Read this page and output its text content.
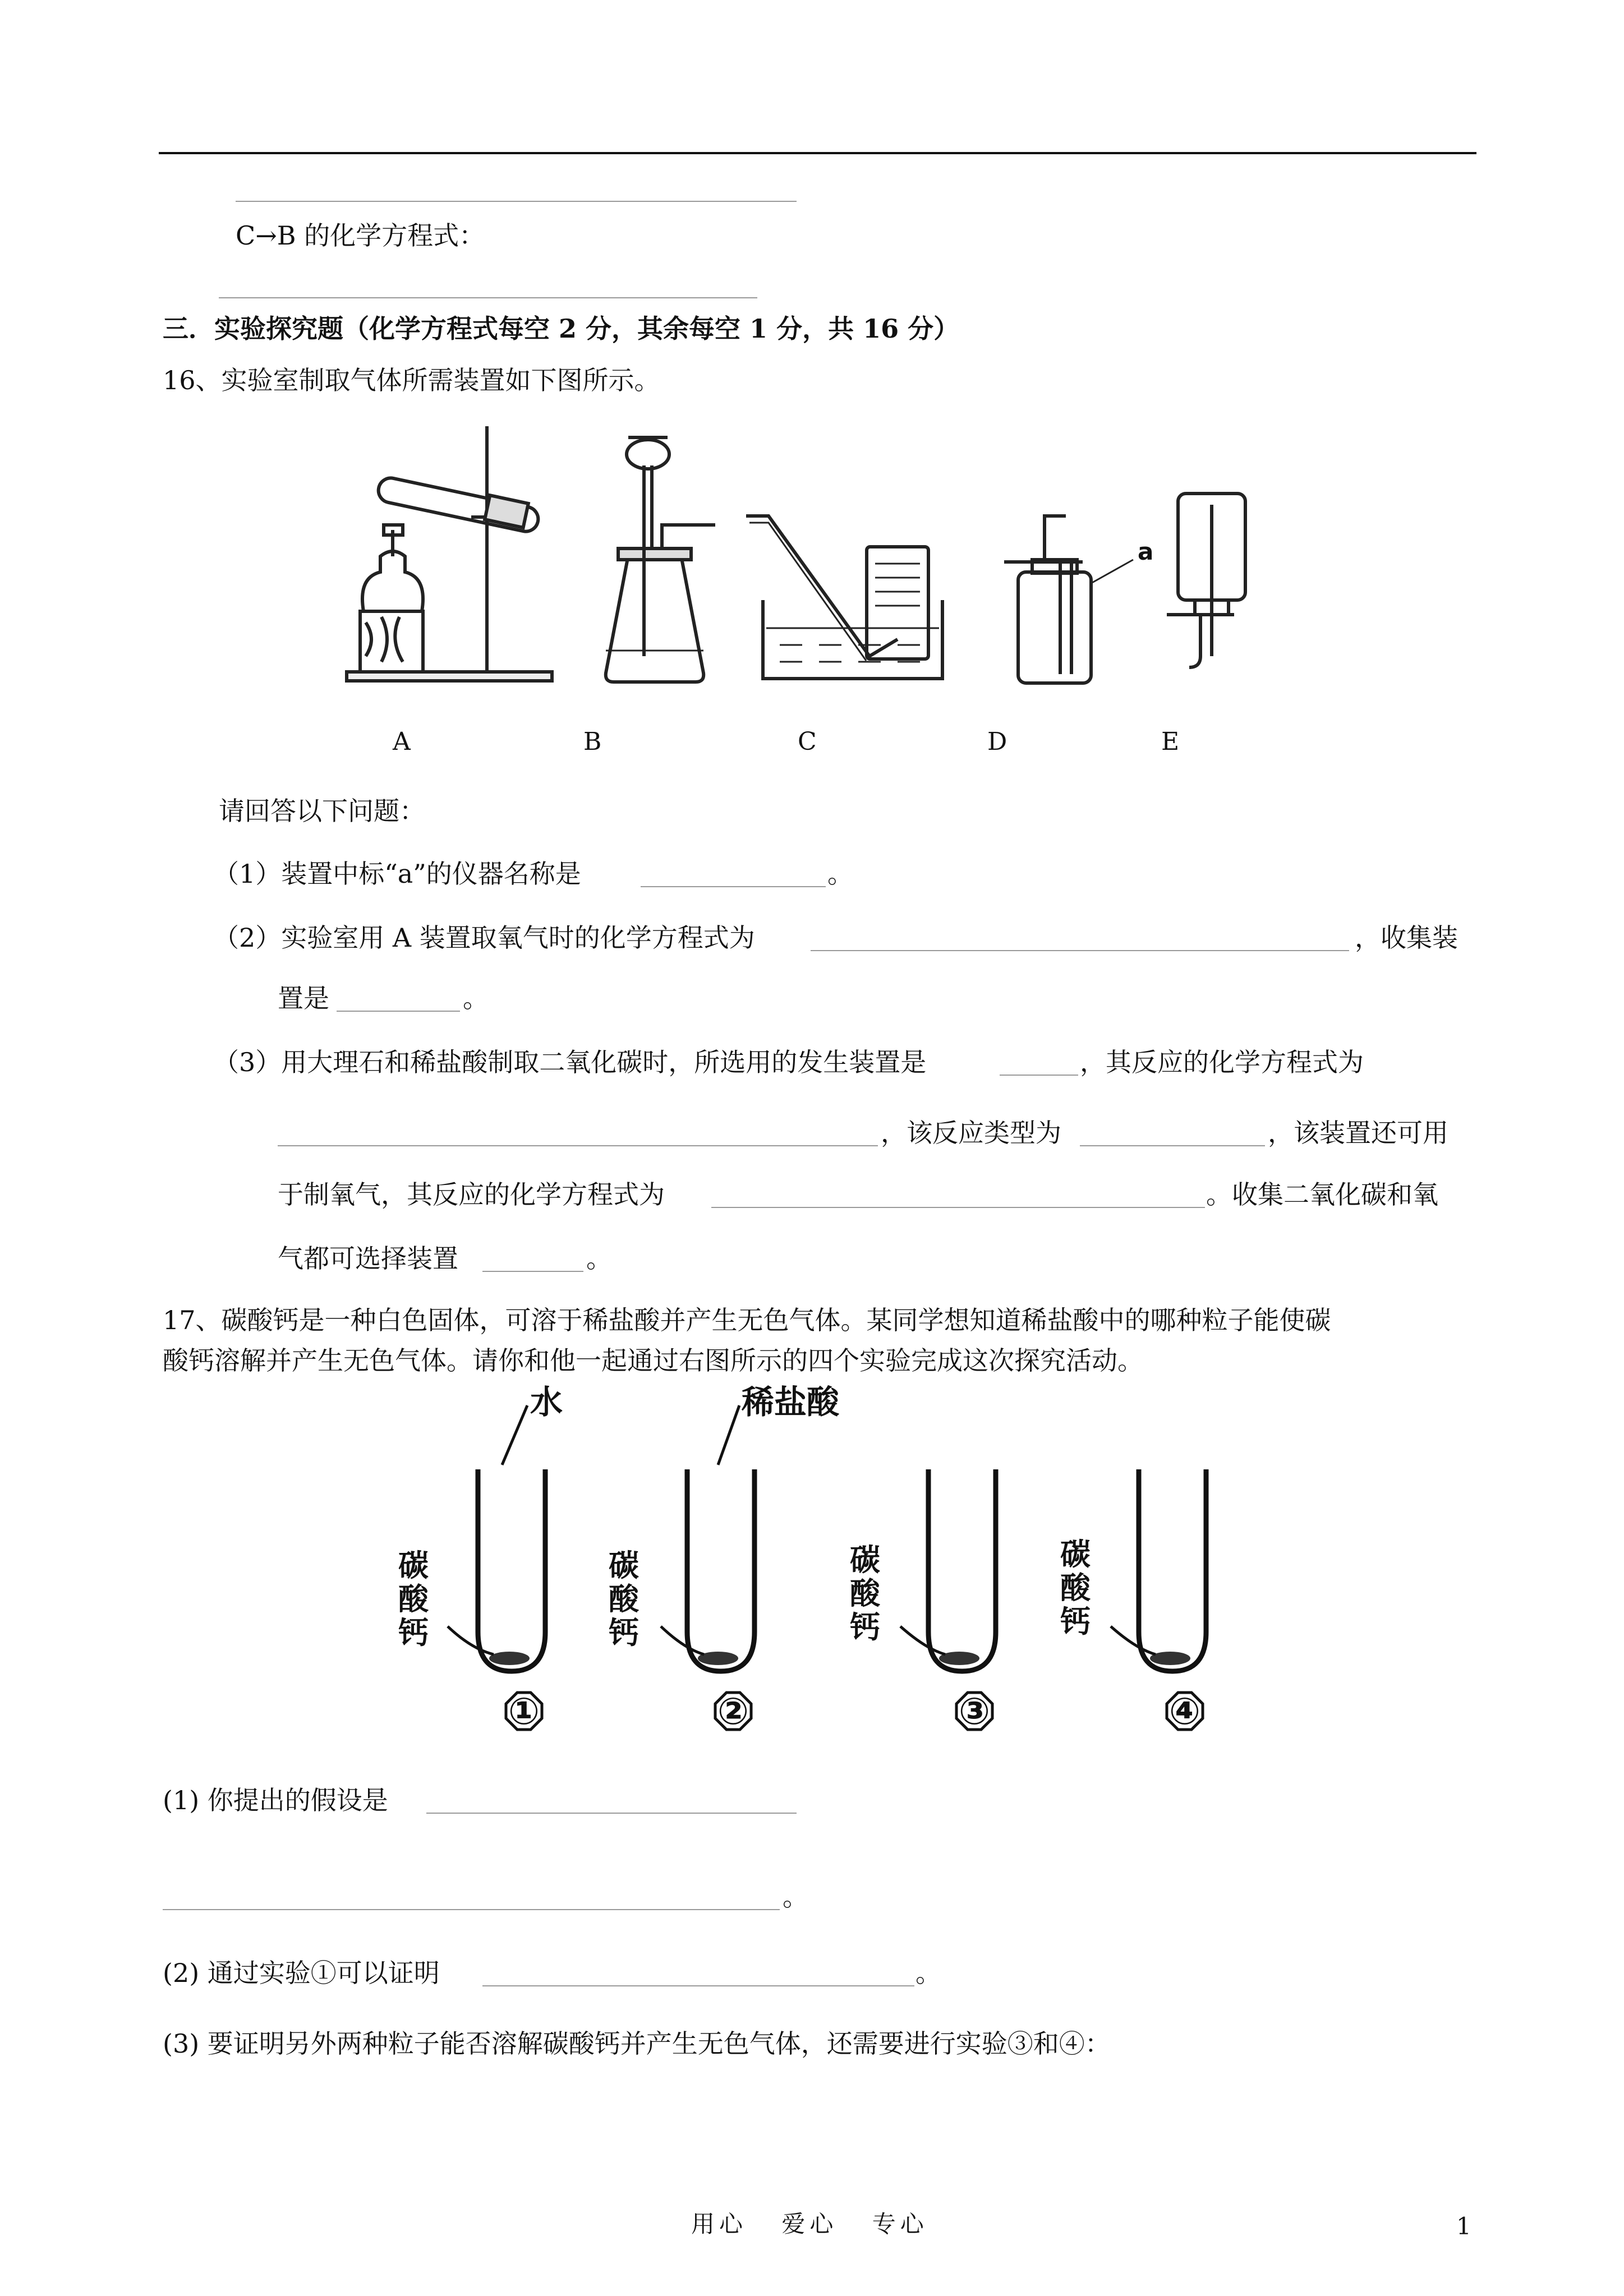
C→B 的化学方程式：
三．实验探究题（化学方程式每空 2 分，其余每空 1 分，共 16 分）
16、实验室制取气体所需装置如下图所示。
a
A	B	C	D	E
请回答以下问题：
（1）装置中标“a”的仪器名称是	。
（2）实验室用 A 装置取氧气时的化学方程式为	，收集装
置是	。
（3）用大理石和稀盐酸制取二氧化碳时，所选用的发生装置是	，其反应的化学方程式为
，该反应类型为	，该装置还可用
于制氧气，其反应的化学方程式为	。收集二氧化碳和氧
气都可选择装置	。
17、碳酸钙是一种白色固体，可溶于稀盐酸并产生无色气体。某同学想知道稀盐酸中的哪种粒子能使碳
酸钙溶解并产生无色气体。请你和他一起通过右图所示的四个实验完成这次探究活动。
水	稀盐酸
碳
酸
钙
碳
酸
钙
碳
酸
钙
碳
酸
钙
①	②	③	④
(1) 你提出的假设是
。
(2) 通过实验①可以证明	。
(3) 要证明另外两种粒子能否溶解碳酸钙并产生无色气体，还需要进行实验③和④：
用心 爱心 专心	1
